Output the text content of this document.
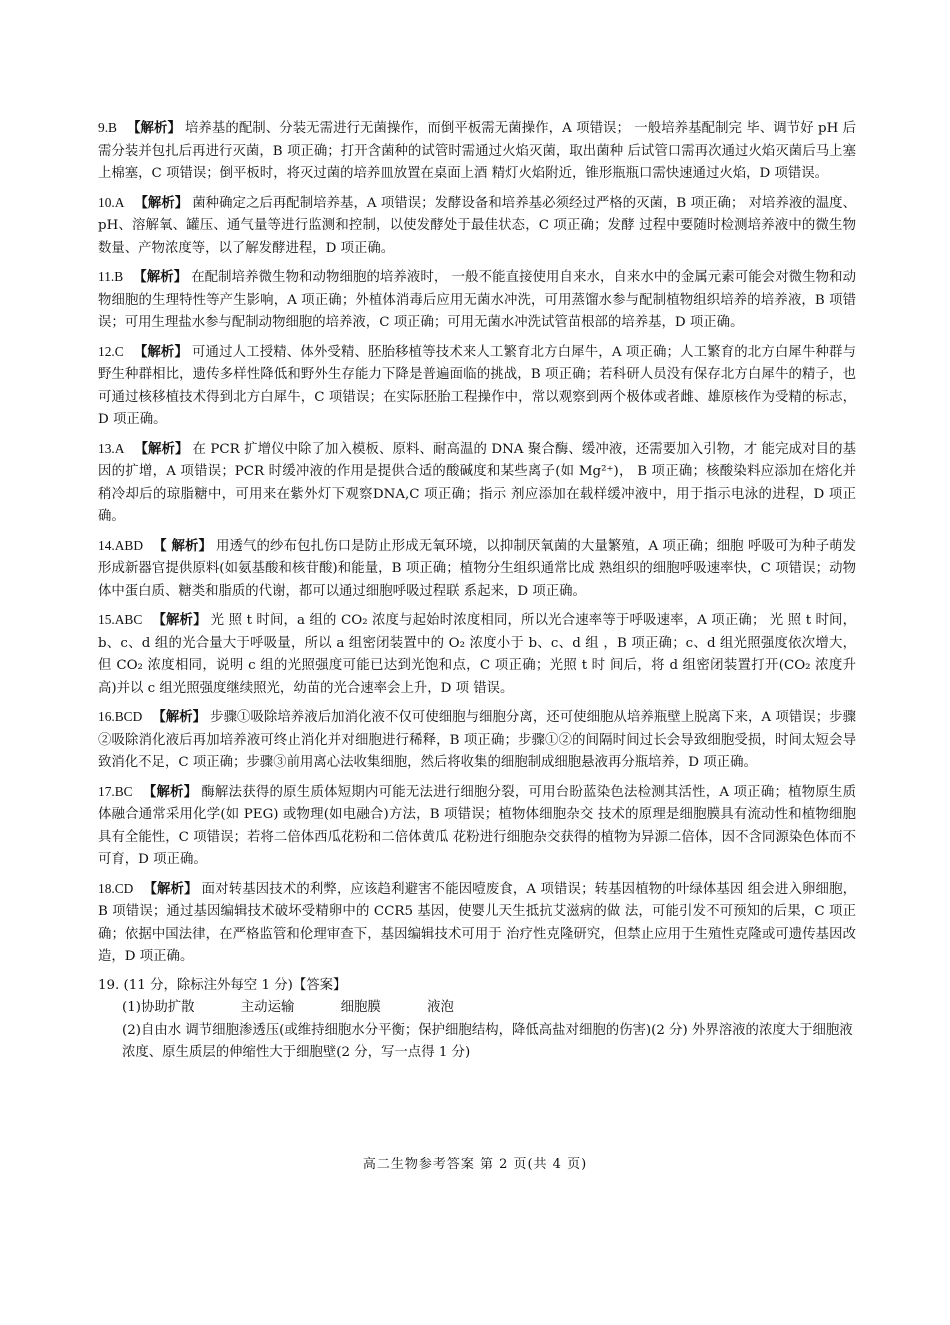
9.B 【解析】 培养基的配制、分装无需进行无菌操作，而倒平板需无菌操作，A 项错误； 一般培养基配制完 毕、调节好 pH 后需分装并包扎后再进行灭菌，B 项正确；打开含菌种的试管时需通过火焰灭菌，取出菌种 后试管口需再次通过火焰灭菌后马上塞上棉塞，C 项错误；倒平板时，将灭过菌的培养皿放置在桌面上酒 精灯火焰附近，锥形瓶瓶口需快速通过火焰，D 项错误。
10.A 【解析】 菌种确定之后再配制培养基，A 项错误；发酵设备和培养基必须经过严格的灭菌，B 项正确； 对培养液的温度、pH、溶解氧、罐压、通气量等进行监测和控制，以使发酵处于最佳状态，C 项正确；发酵 过程中要随时检测培养液中的微生物数量、产物浓度等，以了解发酵进程，D 项正确。
11.B 【解析】 在配制培养微生物和动物细胞的培养液时， 一般不能直接使用自来水，自来水中的金属元素可能会对微生物和动物细胞的生理特性等产生影响，A 项正确；外植体消毒后应用无菌水冲洗，可用蒸馏水参与配制植物组织培养的培养液，B 项错误；可用生理盐水参与配制动物细胞的培养液，C 项正确；可用无菌水冲洗试管苗根部的培养基，D 项正确。
12.C 【解析】 可通过人工授精、体外受精、胚胎移植等技术来人工繁育北方白犀牛，A 项正确；人工繁育的北方白犀牛种群与野生种群相比，遗传多样性降低和野外生存能力下降是普遍面临的挑战，B 项正确；若科研人员没有保存北方白犀牛的精子，也可通过核移植技术得到北方白犀牛，C 项错误；在实际胚胎工程操作中，常以观察到两个极体或者雌、雄原核作为受精的标志，D 项正确。
13.A 【解析】 在 PCR 扩增仪中除了加入模板、原料、耐高温的 DNA 聚合酶、缓冲液，还需要加入引物，才 能完成对目的基因的扩增，A 项错误；PCR 时缓冲液的作用是提供合适的酸碱度和某些离子(如 Mg²⁺)， B 项正确；核酸染料应添加在熔化并稍冷却后的琼脂糖中，可用来在紫外灯下观察DNA,C 项正确；指示 剂应添加在载样缓冲液中，用于指示电泳的进程，D 项正确。
14.ABD 【 解析】 用透气的纱布包扎伤口是防止形成无氧环境，以抑制厌氧菌的大量繁殖，A 项正确；细胞 呼吸可为种子萌发形成新器官提供原料(如氨基酸和核苷酸)和能量，B 项正确；植物分生组织通常比成 熟组织的细胞呼吸速率快，C 项错误；动物体中蛋白质、糖类和脂质的代谢，都可以通过细胞呼吸过程联 系起来，D 项正确。
15.ABC 【解析】 光 照 t 时间，a 组的 CO₂ 浓度与起始时浓度相同，所以光合速率等于呼吸速率，A 项正确； 光 照 t 时间，b、c、d 组的光合量大于呼吸量，所以 a 组密闭装置中的 O₂ 浓度小于 b、c、d 组 ，B 项正确；c、d 组光照强度依次增大，但 CO₂ 浓度相同，说明 c 组的光照强度可能已达到光饱和点，C 项正确；光照 t 时 间后，将 d 组密闭装置打开(CO₂ 浓度升高)并以 c 组光照强度继续照光，幼苗的光合速率会上升，D 项 错误。
16.BCD 【解析】 步骤①吸除培养液后加消化液不仅可使细胞与细胞分离，还可使细胞从培养瓶壁上脱离下来，A 项错误；步骤②吸除消化液后再加培养液可终止消化并对细胞进行稀释，B 项正确；步骤①②的间隔时间过长会导致细胞受损，时间太短会导致消化不足，C 项正确；步骤③前用离心法收集细胞，然后将收集的细胞制成细胞悬液再分瓶培养，D 项正确。
17.BC 【解析】 酶解法获得的原生质体短期内可能无法进行细胞分裂，可用台盼蓝染色法检测其活性，A 项正确；植物原生质体融合通常采用化学(如 PEG) 或物理(如电融合)方法，B 项错误；植物体细胞杂交 技术的原理是细胞膜具有流动性和植物细胞具有全能性，C 项错误；若将二倍体西瓜花粉和二倍体黄瓜 花粉进行细胞杂交获得的植物为异源二倍体，因不含同源染色体而不可育，D 项正确。
18.CD 【解析】 面对转基因技术的利弊，应该趋利避害不能因噎废食，A 项错误；转基因植物的叶绿体基因 组会进入卵细胞，B 项错误；通过基因编辑技术破坏受精卵中的 CCR5 基因，使婴儿天生抵抗艾滋病的做 法，可能引发不可预知的后果，C 项正确；依据中国法律，在严格监管和伦理审查下，基因编辑技术可用于 治疗性克隆研究，但禁止应用于生殖性克隆或可遗传基因改造，D 项正确。
19. (11 分，除标注外每空 1 分)【答案】
(1)协助扩散	主动运输	细胞膜	液泡
(2)自由水 调节细胞渗透压(或维持细胞水分平衡；保护细胞结构，降低高盐对细胞的伤害)(2 分) 外界溶液的浓度大于细胞液浓度、原生质层的伸缩性大于细胞壁(2 分，写一点得 1 分)
高二生物参考答案 第 2 页(共 4 页)
